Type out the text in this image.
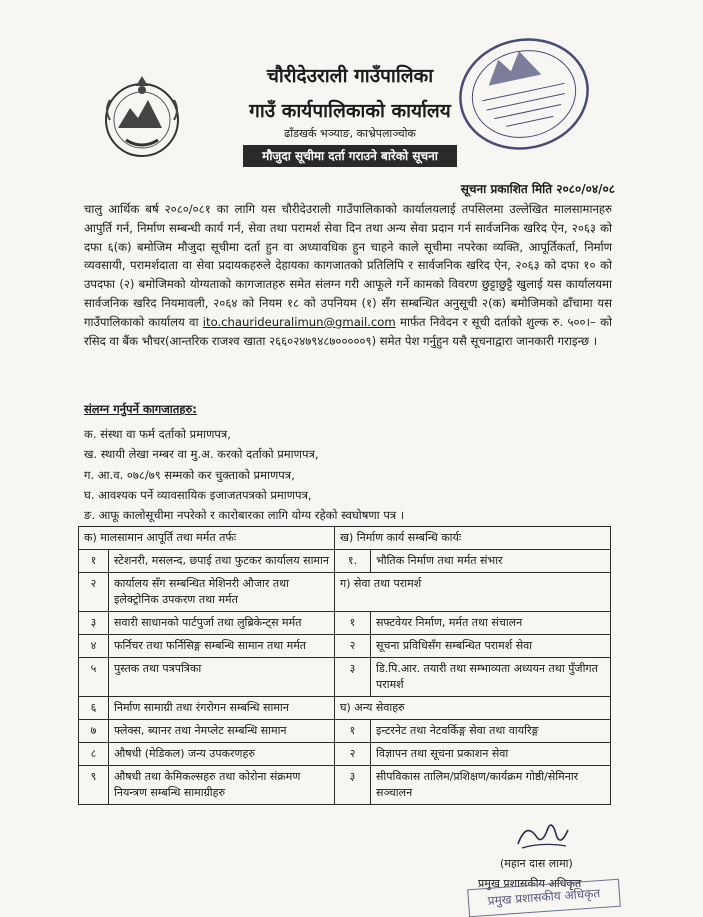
चौरीदेउराली गाउँपालिका
गाउँ कार्यपालिकाको कार्यालय
ढाँडखर्क भञ्याङ, काभ्रेपलाञ्चोक
मौजुदा सूचीमा दर्ता गराउने बारेको सूचना
सूचना प्रकाशित मिति २०८०/०४/०८
चालु आर्थिक बर्ष २०८०/०८१ का लागि यस चौरीदेउराली गाउँपालिकाको कार्यालयलाई तपसिलमा उल्लेखित मालसामानहरु आपुर्ति गर्न, निर्माण सम्बन्धी कार्य गर्न, सेवा तथा परामर्श सेवा दिन तथा अन्य सेवा प्रदान गर्न सार्वजनिक खरिद ऐन, २०६३ को दफा ६(क) बमोजिम मौजुदा सूचीमा दर्ता हुन वा अध्यावधिक हुन चाहने काले सूचीमा नपरेका व्यक्ति, आपूर्तिकर्ता, निर्माण व्यवसायी, परामर्शदाता वा सेवा प्रदायकहरुले देहायका कागजातको प्रतिलिपि र सार्वजनिक खरिद ऐन, २०६३ को दफा १० को उपदफा (२) बमोजिमको योग्यताको कागजातहरु समेत संलग्न गरी आफूले गर्ने कामको विवरण छुट्टाछुट्टै खुलाई यस कार्यालयमा सार्वजनिक खरिद नियमावली, २०६४ को नियम १८ को उपनियम (१) सँग सम्बन्धित अनुसूची २(क) बमोजिमको ढाँचामा यस गाउँपालिकाको कार्यालय वा ito.chaurideuralimun@gmail.com मार्फत निवेदन र सूची दर्ताको शुल्क रु. ५००।– को रसिद वा बैंक भौचर(आन्तरिक राजश्व खाता २६६०२४७९४८७०००००९) समेत पेश गर्नुहुन यसै सूचनाद्वारा जानकारी गराइन्छ ।
संलग्न गर्नुपर्ने कागजातहरु:
क. संस्था वा फर्म दर्ताको प्रमाणपत्र,
ख. स्थायी लेखा नम्बर वा मु.अ. करको दर्ताको प्रमाणपत्र,
ग. आ.व. ०७८/७९ सम्मको कर चुक्ताको प्रमाणपत्र,
घ. आवश्यक पर्ने व्यावसायिक इजाजतपत्रको प्रमाणपत्र,
ङ. आफू कालोसूचीमा नपरेको र कारोबारका लागि योग्य रहेको स्वघोषणा पत्र ।
क) मालसामान आपूर्ति तथा मर्मत तर्फः		ख) निर्माण कार्य सम्बन्धि कार्यः	
१	स्टेशनरी, मसलन्द, छपाई तथा फुटकर कार्यालय सामान	१.	भौतिक निर्माण तथा मर्मत संभार
२	कार्यालय सँग सम्बन्धित मेशिनरी औजार तथा इलेक्ट्रोनिक उपकरण तथा मर्मत	ग) सेवा तथा परामर्श	
३	सवारी साधानको पार्टपुर्जा तथा लुब्रिकेन्ट्स मर्मत	१	सफ्टवेयर निर्माण, मर्मत तथा संचालन
४	फर्निचर तथा फर्निसिङ्ग सम्बन्धि सामान तथा मर्मत	२	सूचना प्रविधिसँग सम्बन्धित परामर्श सेवा
५	पुस्तक तथा पत्रपत्रिका	३	डि.पि.आर. तयारी तथा सम्भाव्यता अध्ययन तथा पुँजीगत परामर्श
६	निर्माण सामाग्री तथा रंगरोगन सम्बन्धि सामान	घ) अन्य सेवाहरु	
७	फ्लेक्स, ब्यानर तथा नेमप्लेट सम्बन्धि सामान	१	इन्टरनेट तथा नेटवर्किङ्ग सेवा तथा वायरिङ्ग
८	औषधी (मेडिकल) जन्य उपकरणहरु	२	विज्ञापन तथा सूचना प्रकाशन सेवा
९	औषधी तथा केमिकल्सहरु तथा कोरोना संक्रमण नियन्त्रण सम्बन्धि सामाग्रीहरु	३	सीपविकास तालिम/प्रशिक्षण/कार्यक्रम गोष्ठी/सेमिनार सञ्चालन
(महान दास लामा)
प्रमुख प्रशासकीय अधिकृत
प्रमुख प्रशासकीय अधिकृत
